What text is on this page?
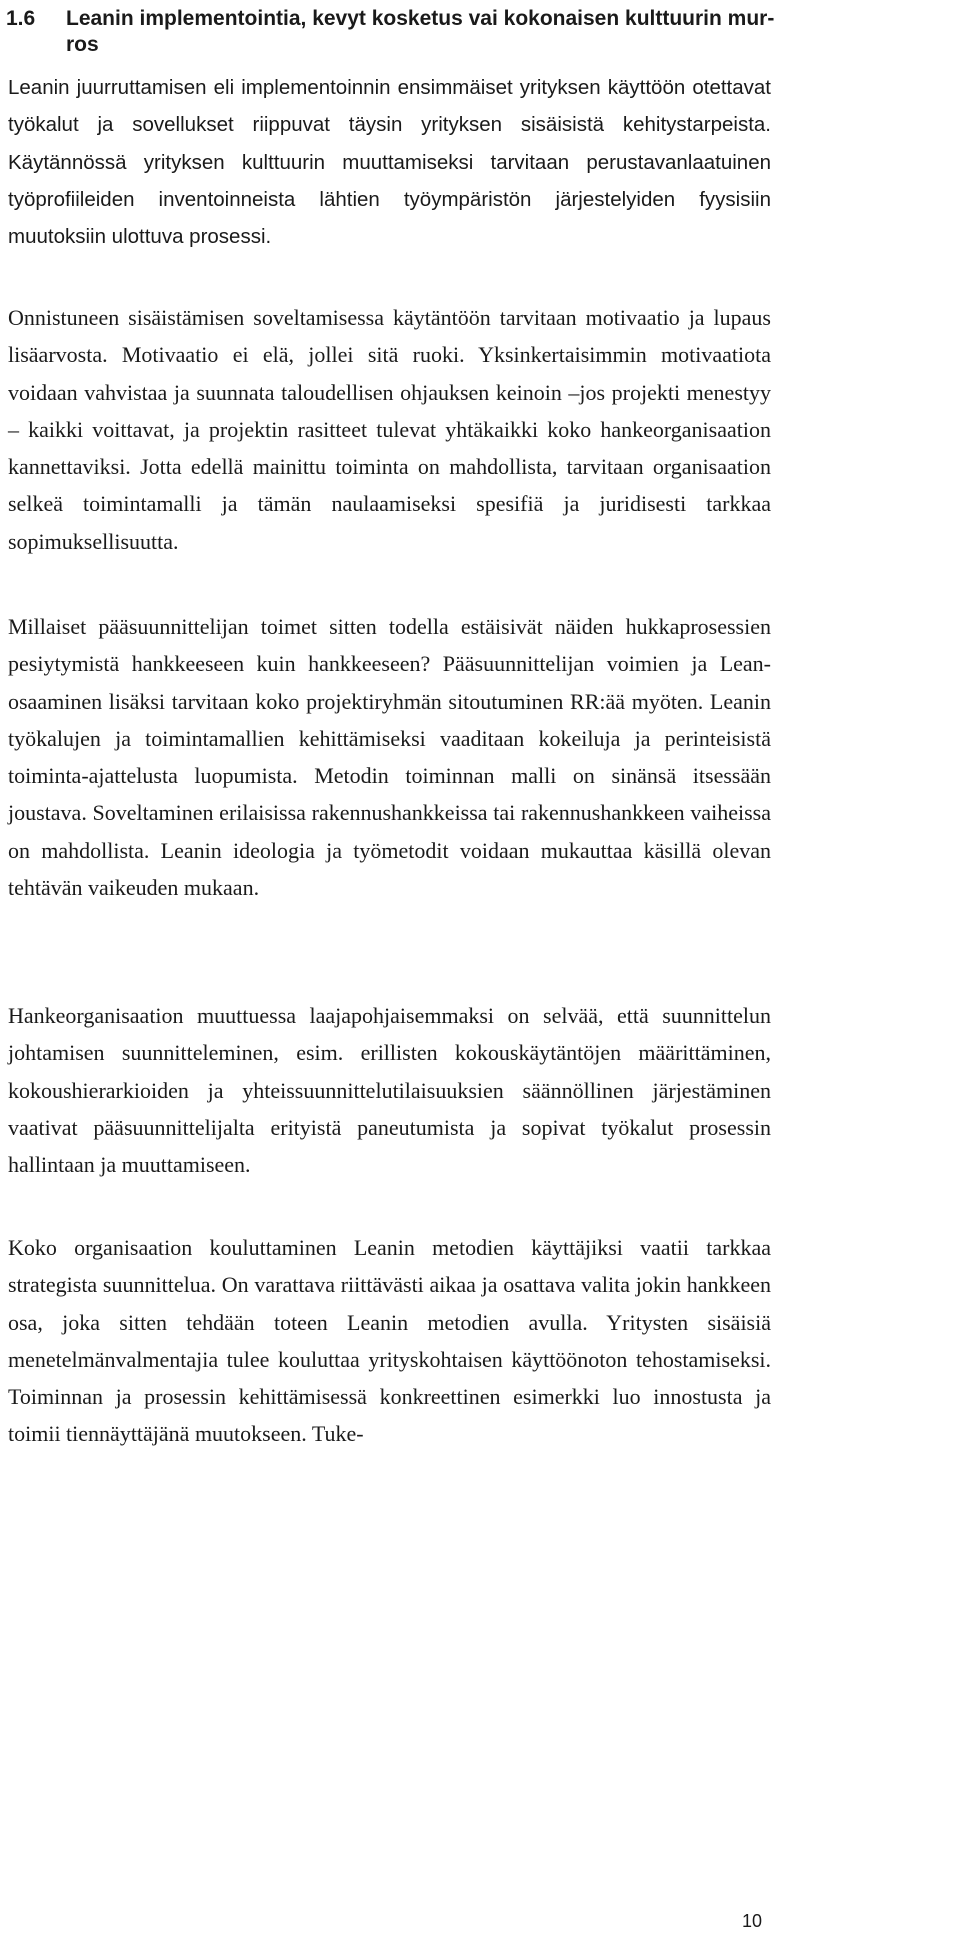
1.6	Leanin implementointia, kevyt kosketus vai kokonaisen kulttuurin murros

Leanin juurruttamisen eli implementoinnin ensimmäiset yrityksen käyttöön otettavat työkalut ja sovellukset riippuvat täysin yrityksen sisäisistä kehitystarpeista. Käytännössä yrityksen kulttuurin muuttamiseksi tarvitaan perustavanlaatuinen työprofiileiden inventoinneista lähtien työympäristön järjestelyiden fyysisiin muutoksiin ulottuva prosessi.

Onnistuneen sisäistämisen soveltamisessa käytäntöön tarvitaan motivaatio ja lupaus lisäarvosta. Motivaatio ei elä, jollei sitä ruoki. Yksinkertaisimmin motivaatiota voidaan vahvistaa ja suunnata taloudellisen ohjauksen keinoin –jos projekti menestyy – kaikki voittavat, ja projektin rasitteet tulevat yhtäkaikki koko hankeorganisaation kannettaviksi. Jotta edellä mainittu toiminta on mahdollista, tarvitaan organisaation selkeä toimintamalli ja tämän naulaamiseksi spesifiä ja juridisesti tarkkaa sopimuksellisuutta.

Millaiset pääsuunnittelijan toimet sitten todella estäisivät näiden hukkaprosessien pesiytymistä hankkeeseen kuin hankkeeseen? Pääsuunnittelijan voimien ja Lean-osaaminen lisäksi tarvitaan koko projektiryhmän sitoutuminen RR:ää myöten. Leanin työkalujen ja toimintamallien kehittämiseksi vaaditaan kokeiluja ja perinteisistä toiminta-ajattelusta luopumista. Metodin toiminnan malli on sinänsä itsessään joustava. Soveltaminen erilaisissa rakennushankkeissa tai rakennushankkeen vaiheissa on mahdollista. Leanin ideologia ja työmetodit voidaan mukauttaa käsillä olevan tehtävän vaikeuden mukaan.

Hankeorganisaation muuttuessa laajapohjaisemmaksi on selvää, että suunnittelun johtamisen suunnitteleminen, esim. erillisten kokouskäytäntöjen määrittäminen, kokoushierarkioiden ja yhteissuunnittelutilaisuuksien säännöllinen järjestäminen vaativat pääsuunnittelijalta erityistä paneutumista ja sopivat työkalut prosessin hallintaan ja muuttamiseen.

Koko organisaation kouluttaminen Leanin metodien käyttäjiksi vaatii tarkkaa strategista suunnittelua. On varattava riittävästi aikaa ja osattava valita jokin hankkeen osa, joka sitten tehdään toteen Leanin metodien avulla. Yritysten sisäisiä menetelmänvalmentajia tulee kouluttaa yrityskohtaisen käyttöönoton tehostamiseksi. Toiminnan ja prosessin kehittämisessä konkreettinen esimerkki luo innostusta ja toimii tiennäyttäjänä muutokseen. Tuke-

10
